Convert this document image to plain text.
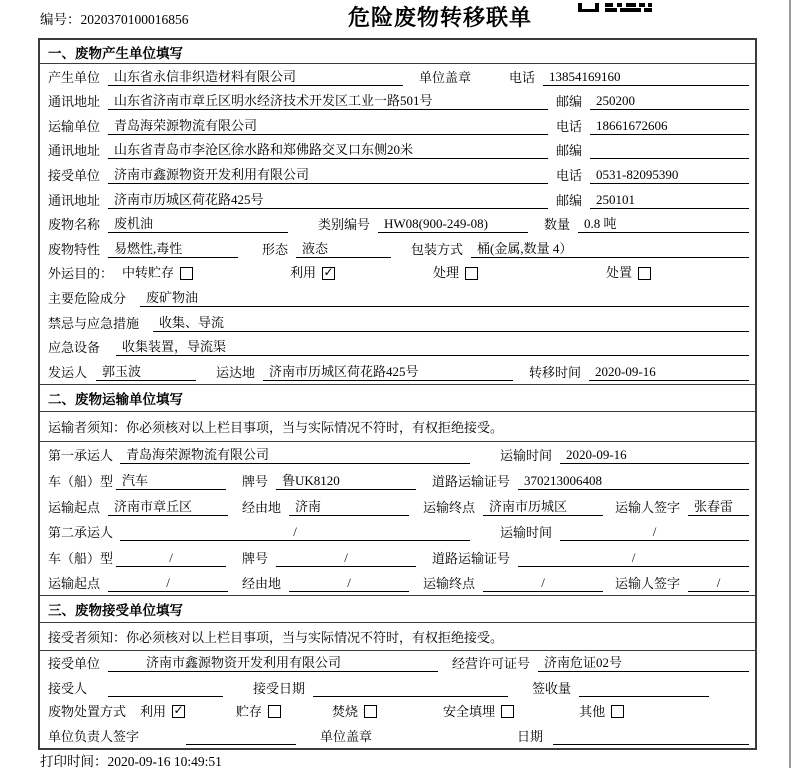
编号：2020370100016856	危险废物转移联单
一、废物产生单位填写
产生单位	山东省永信非织造材料有限公司	单位盖章	电话	13854169160
通讯地址	山东省济南市章丘区明水经济技术开发区工业一路501号	邮编	250200
运输单位	青岛海荣源物流有限公司	电话	18661672606
通讯地址	山东省青岛市李沧区徐水路和郑佛路交叉口东侧20米	邮编
接受单位	济南市鑫源物资开发利用有限公司	电话	0531-82095390
通讯地址	济南市历城区荷花路425号	邮编	250101
废物名称	废机油	类别编号	HW08(900-249-08)	数量	0.8 吨
废物特性	易燃性,毒性	形态	液态	包装方式	桶(金属,数量 4）
外运目的： 中转贮存	利用 ✓	处理	处置
主要危险成分	废矿物油
禁忌与应急措施	收集、导流
应急设备	收集装置，导流渠
发运人	郭玉波	运达地	济南市历城区荷花路425号	转移时间	2020-09-16
二、废物运输单位填写
运输者须知：你必须核对以上栏目事项，当与实际情况不符时，有权拒绝接受。
第一承运人 青岛海荣源物流有限公司	运输时间	2020-09-16
车（船）型 汽车	牌号	鲁UK8120	道路运输证号	370213006408
运输起点	济南市章丘区	经由地	济南	运输终点	济南市历城区	运输人签字	张春雷
第二承运人	/	运输时间	/
车（船）型	/	牌号	/	道路运输证号	/
运输起点	/	经由地	/	运输终点	/	运输人签字	/
三、废物接受单位填写
接受者须知：你必须核对以上栏目事项，当与实际情况不符时，有权拒绝接受。
接受单位	济南市鑫源物资开发利用有限公司	经营许可证号	济南危证02号
接受人	接受日期	签收量
废物处置方式	利用 ✓	贮存	焚烧	安全填埋	其他
单位负责人签字	单位盖章	日期
打印时间：2020-09-16 10:49:51
